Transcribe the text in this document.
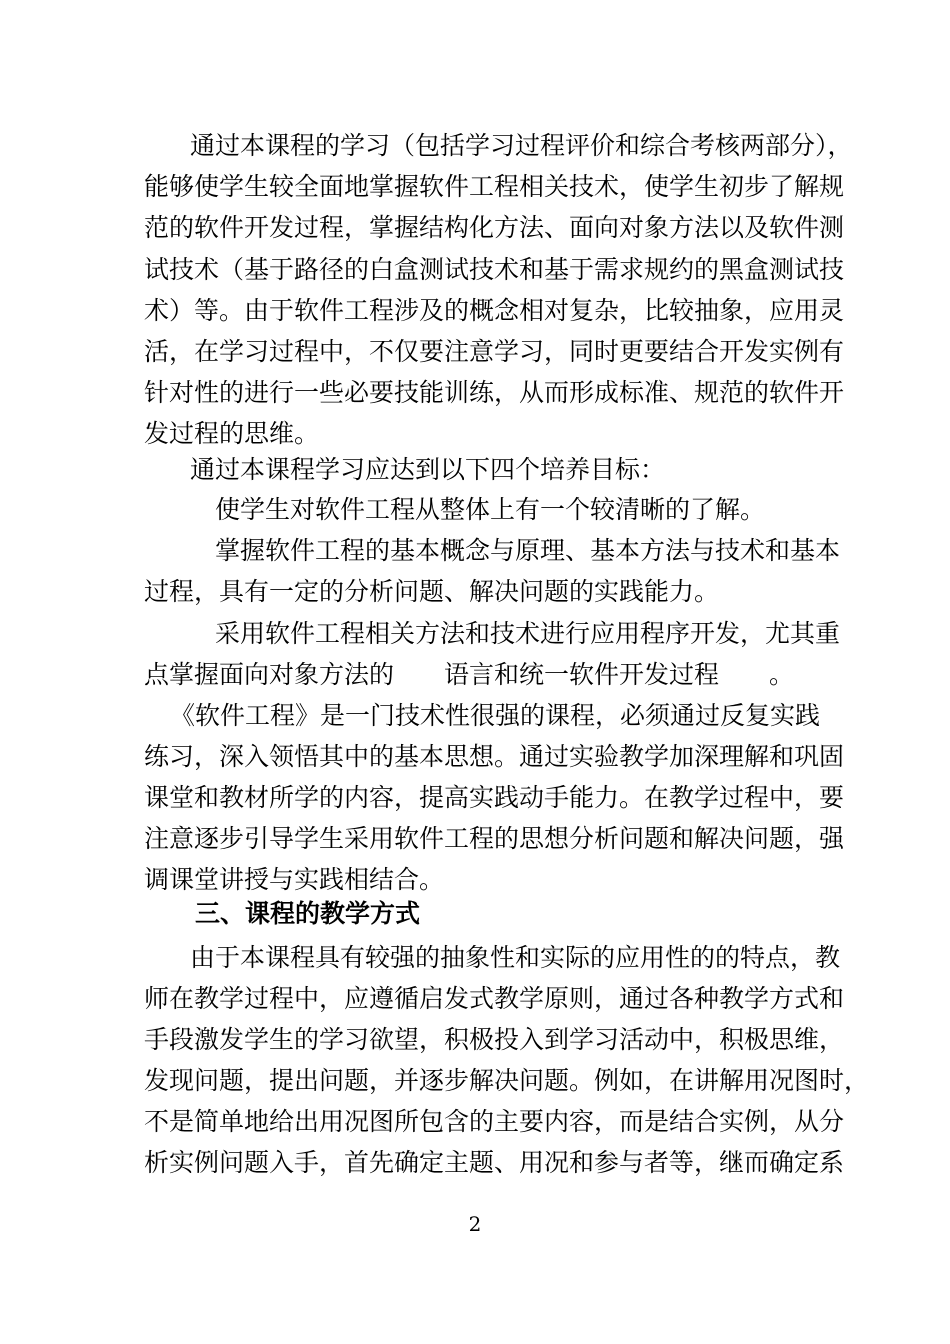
通过本课程的学习（包括学习过程评价和综合考核两部分），
能够使学生较全面地掌握软件工程相关技术，使学生初步了解规
范的软件开发过程，掌握结构化方法、面向对象方法以及软件测
试技术（基于路径的白盒测试技术和基于需求规约的黑盒测试技
术）等。由于软件工程涉及的概念相对复杂，比较抽象，应用灵
活，在学习过程中，不仅要注意学习，同时更要结合开发实例有
针对性的进行一些必要技能训练，从而形成标准、规范的软件开
发过程的思维。
通过本课程学习应达到以下四个培养目标：
使学生对软件工程从整体上有一个较清晰的了解。
掌握软件工程的基本概念与原理、基本方法与技术和基本
过程，具有一定的分析问题、解决问题的实践能力。
采用软件工程相关方法和技术进行应用程序开发，尤其重
点掌握面向对象方法的　　语言和统一软件开发过程　　。
《软件工程》是一门技术性很强的课程，必须通过反复实践
练习，深入领悟其中的基本思想。通过实验教学加深理解和巩固
课堂和教材所学的内容，提高实践动手能力。在教学过程中，要
注意逐步引导学生采用软件工程的思想分析问题和解决问题，强
调课堂讲授与实践相结合。
三、课程的教学方式
由于本课程具有较强的抽象性和实际的应用性的的特点，教
师在教学过程中，应遵循启发式教学原则，通过各种教学方式和
手段激发学生的学习欲望，积极投入到学习活动中，积极思维，
发现问题，提出问题，并逐步解决问题。例如，在讲解用况图时，
不是简单地给出用况图所包含的主要内容，而是结合实例，从分
析实例问题入手，首先确定主题、用况和参与者等，继而确定系
2
